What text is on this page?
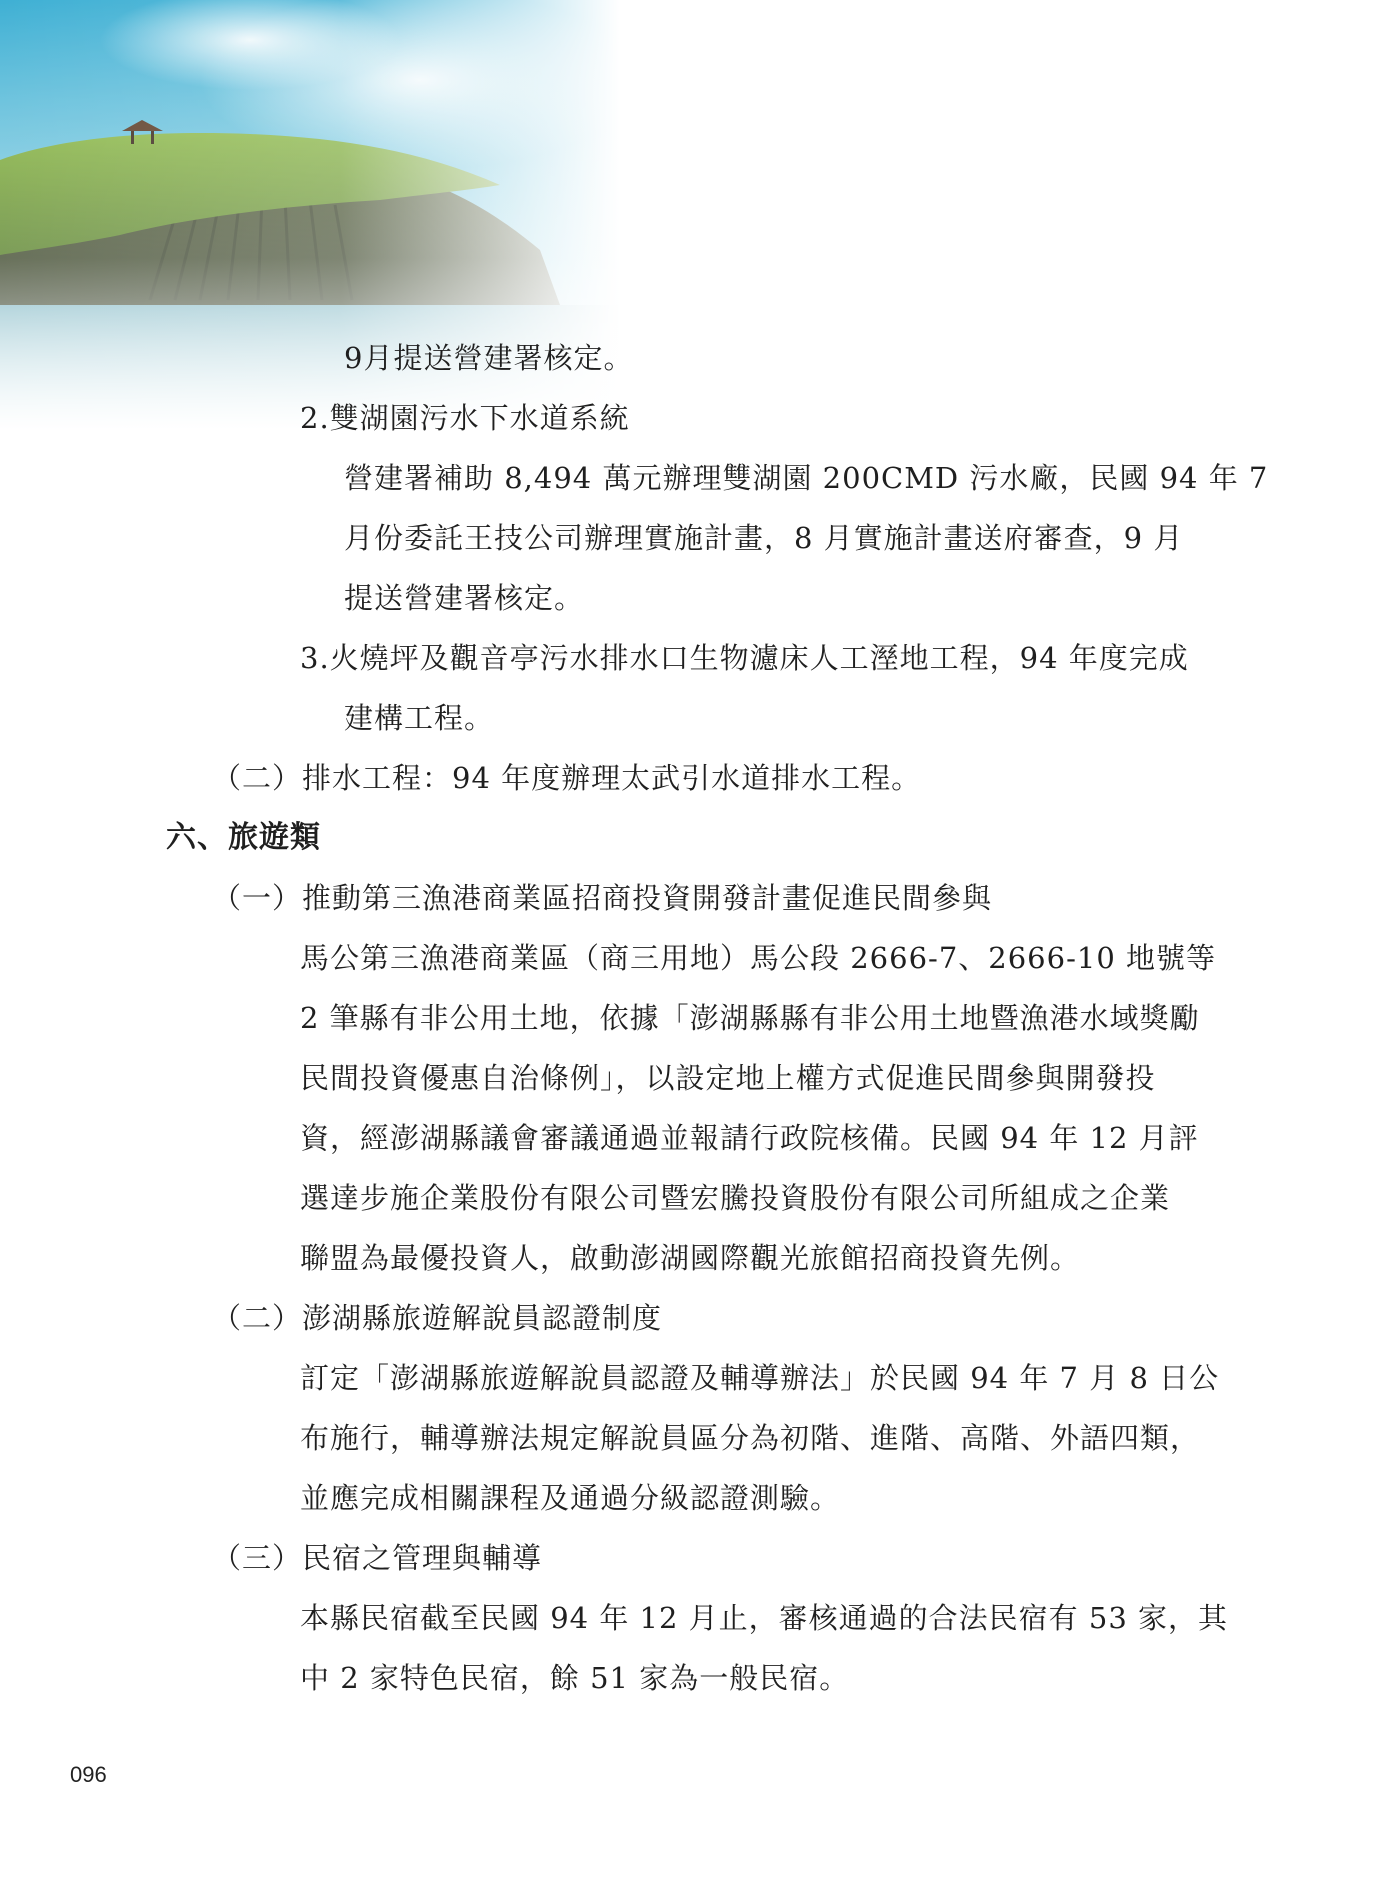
9月提送營建署核定。
2.雙湖園污水下水道系統
營建署補助 8,494 萬元辦理雙湖園 200CMD 污水廠，民國 94 年 7
月份委託王技公司辦理實施計畫，8 月實施計畫送府審查，9 月
提送營建署核定。
3.火燒坪及觀音亭污水排水口生物濾床人工溼地工程，94 年度完成
建構工程。
（二）排水工程：94 年度辦理太武引水道排水工程。
六、旅遊類
（一）推動第三漁港商業區招商投資開發計畫促進民間參與
馬公第三漁港商業區（商三用地）馬公段 2666-7、2666-10 地號等
2 筆縣有非公用土地，依據「澎湖縣縣有非公用土地暨漁港水域獎勵
民間投資優惠自治條例」，以設定地上權方式促進民間參與開發投
資，經澎湖縣議會審議通過並報請行政院核備。民國 94 年 12 月評
選達步施企業股份有限公司暨宏騰投資股份有限公司所組成之企業
聯盟為最優投資人，啟動澎湖國際觀光旅館招商投資先例。
（二）澎湖縣旅遊解說員認證制度
訂定「澎湖縣旅遊解說員認證及輔導辦法」於民國 94 年 7 月 8 日公
布施行，輔導辦法規定解說員區分為初階、進階、高階、外語四類，
並應完成相關課程及通過分級認證測驗。
（三）民宿之管理與輔導
本縣民宿截至民國 94 年 12 月止，審核通過的合法民宿有 53 家，其
中 2 家特色民宿，餘 51 家為一般民宿。
096
